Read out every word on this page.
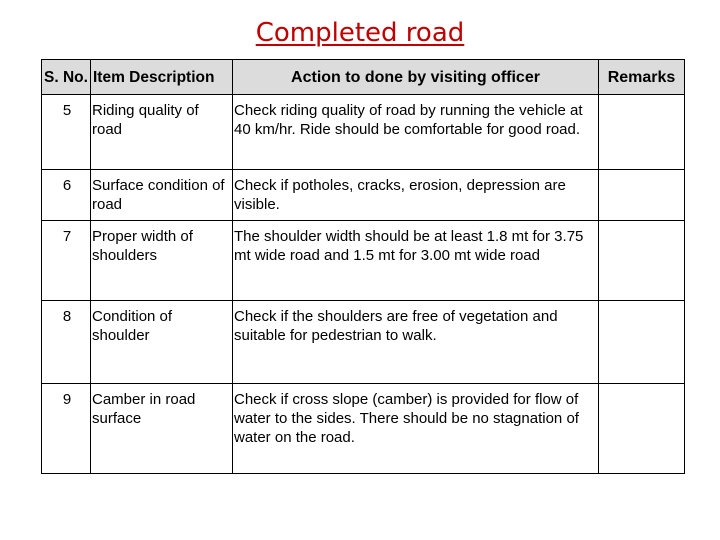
Completed road
S. No.	Item Description	Action to done by visiting officer	Remarks
5	Riding quality of road	Check riding quality of road by running the vehicle at 40 km/hr. Ride should be comfortable for good road.	
6	Surface condition of road	Check if potholes, cracks, erosion, depression are visible.	
7	Proper width of shoulders	The shoulder width should be at least 1.8 mt for 3.75 mt wide road and 1.5 mt for 3.00 mt wide road	
8	Condition of shoulder	Check if the shoulders are free of vegetation and suitable for pedestrian to walk.	
9	Camber in road surface	Check if cross slope (camber) is provided for flow of water to the sides. There should be no stagnation of water on the road.	
